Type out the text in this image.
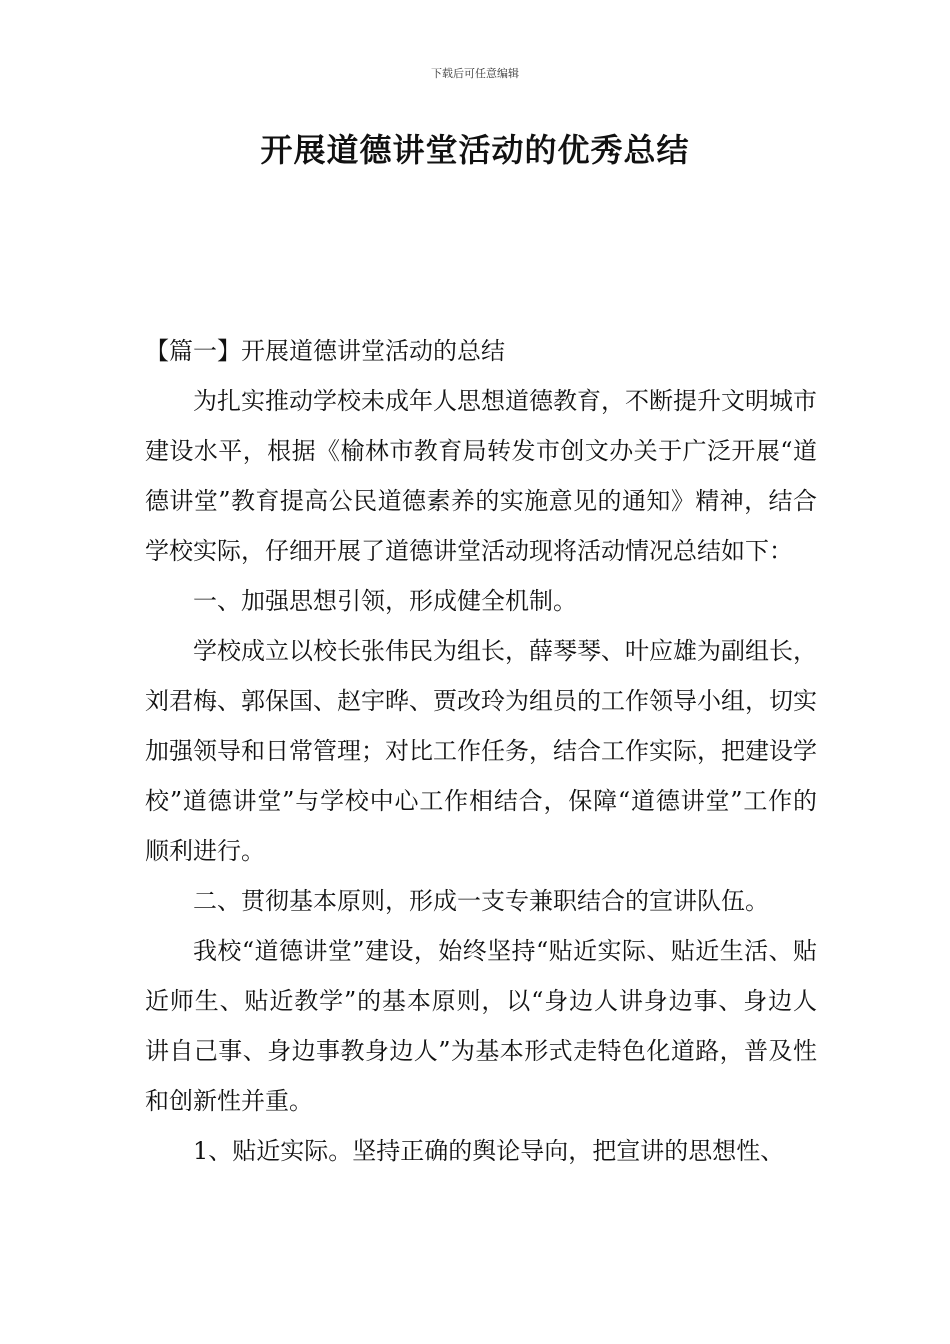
下载后可任意编辑
开展道德讲堂活动的优秀总结

【篇一】开展道德讲堂活动的总结

为扎实推动学校未成年人思想道德教育，不断提升文明城市建设水平，根据《榆林市教育局转发市创文办关于广泛开展“道德讲堂”教育提高公民道德素养的实施意见的通知》精神，结合学校实际，仔细开展了道德讲堂活动现将活动情况总结如下：

一、加强思想引领，形成健全机制。

学校成立以校长张伟民为组长，薛琴琴、叶应雄为副组长，刘君梅、郭保国、赵宇晔、贾改玲为组员的工作领导小组，切实加强领导和日常管理；对比工作任务，结合工作实际，把建设学校”道德讲堂”与学校中心工作相结合，保障“道德讲堂”工作的顺利进行。

二、贯彻基本原则，形成一支专兼职结合的宣讲队伍。

我校“道德讲堂”建设，始终坚持“贴近实际、贴近生活、贴近师生、贴近教学”的基本原则，以“身边人讲身边事、身边人讲自己事、身边事教身边人”为基本形式走特色化道路，普及性和创新性并重。

1、贴近实际。坚持正确的舆论导向，把宣讲的思想性、
